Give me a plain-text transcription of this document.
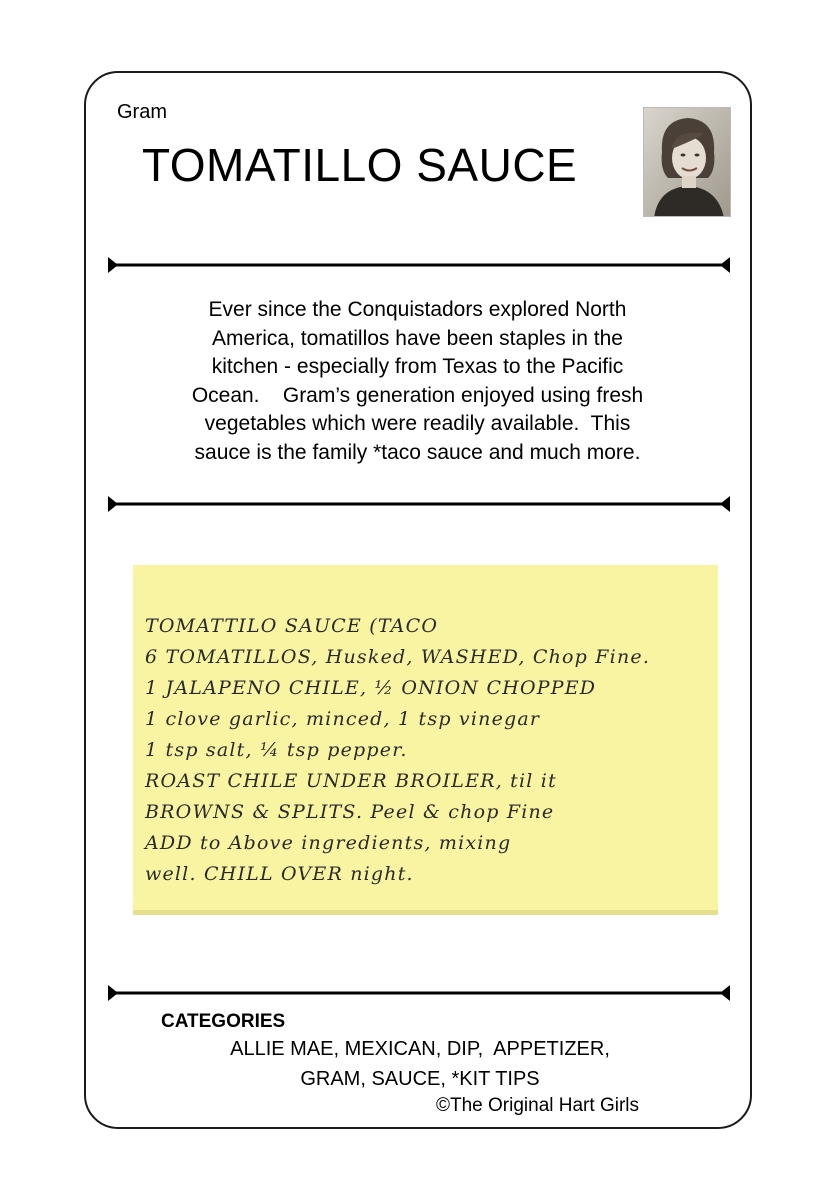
Gram
TOMATILLO SAUCE
Ever since the Conquistadors explored North
America, tomatillos have been staples in the
kitchen - especially from Texas to the Pacific
Ocean.    Gram’s generation enjoyed using fresh
vegetables which were readily available.  This
sauce is the family *taco sauce and much more.
TOMATTILO SAUCE (TACO
6 TOMATILLOS, Husked, WASHED, Chop Fine.
1 JALAPENO CHILE, ½ ONION CHOPPED
1 clove garlic, minced, 1 tsp vinegar
1 tsp salt, ¼ tsp pepper.
ROAST CHILE UNDER BROILER, til it
BROWNS & SPLITS. Peel & chop Fine
ADD to Above ingredients, mixing
well. CHILL OVER night.
CATEGORIES
ALLIE MAE, MEXICAN, DIP,  APPETIZER,
GRAM, SAUCE, *KIT TIPS
©The Original Hart Girls
